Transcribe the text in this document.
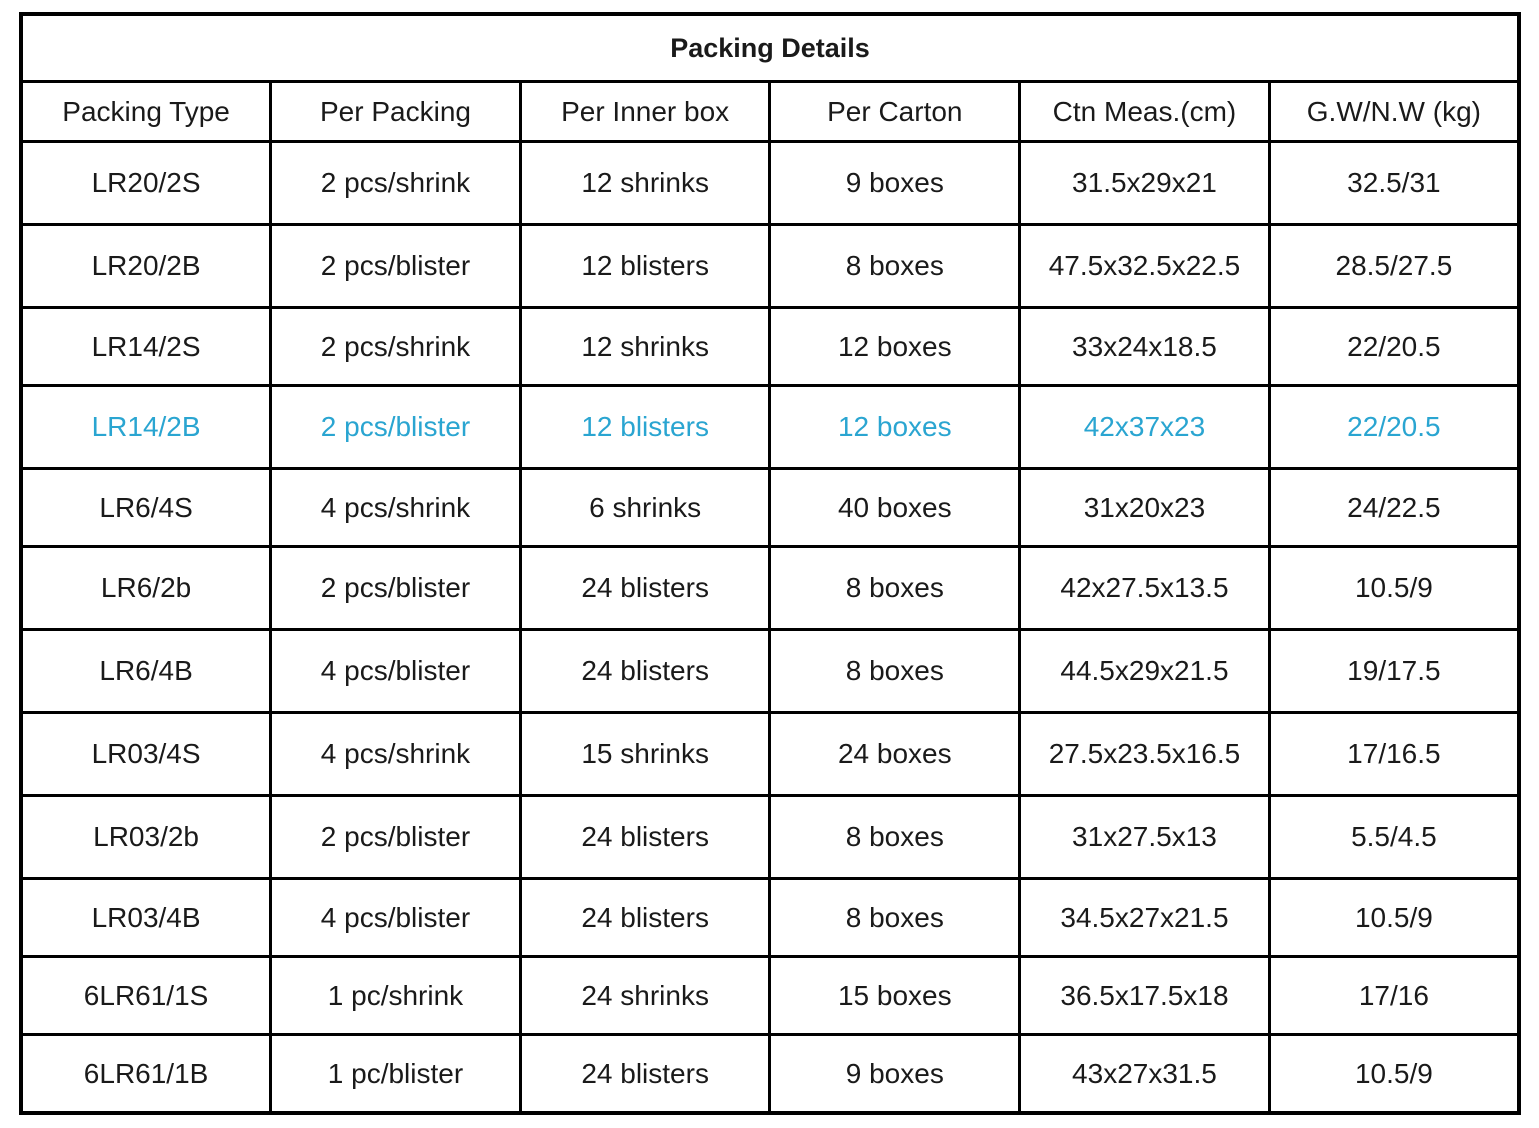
Packing Details					
Packing Type	Per Packing	Per Inner box	Per Carton	Ctn Meas.(cm)	G.W/N.W (kg)
LR20/2S	2 pcs/shrink	12 shrinks	9 boxes	31.5x29x21	32.5/31
LR20/2B	2 pcs/blister	12 blisters	8 boxes	47.5x32.5x22.5	28.5/27.5
LR14/2S	2 pcs/shrink	12 shrinks	12 boxes	33x24x18.5	22/20.5
LR14/2B	2 pcs/blister	12 blisters	12 boxes	42x37x23	22/20.5
LR6/4S	4 pcs/shrink	6 shrinks	40 boxes	31x20x23	24/22.5
LR6/2b	2 pcs/blister	24 blisters	8 boxes	42x27.5x13.5	10.5/9
LR6/4B	4 pcs/blister	24 blisters	8 boxes	44.5x29x21.5	19/17.5
LR03/4S	4 pcs/shrink	15 shrinks	24 boxes	27.5x23.5x16.5	17/16.5
LR03/2b	2 pcs/blister	24 blisters	8 boxes	31x27.5x13	5.5/4.5
LR03/4B	4 pcs/blister	24 blisters	8 boxes	34.5x27x21.5	10.5/9
6LR61/1S	1 pc/shrink	24 shrinks	15 boxes	36.5x17.5x18	17/16
6LR61/1B	1 pc/blister	24 blisters	9 boxes	43x27x31.5	10.5/9
